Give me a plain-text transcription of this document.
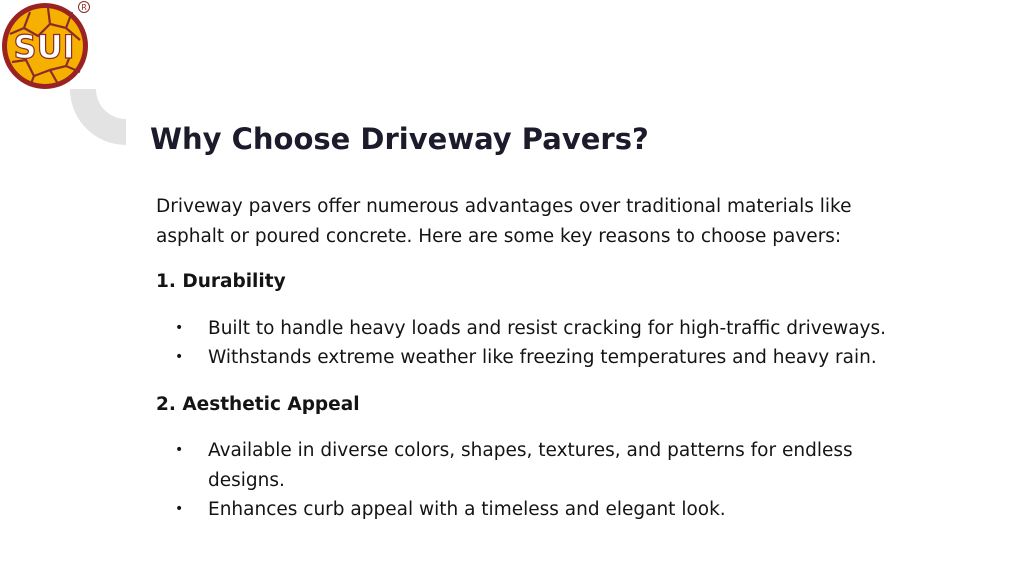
SUI
R
Why Choose Driveway Pavers?

Driveway pavers offer numerous advantages over traditional materials like asphalt or poured concrete. Here are some key reasons to choose pavers:

1. Durability
• Built to handle heavy loads and resist cracking for high-traffic driveways.
• Withstands extreme weather like freezing temperatures and heavy rain.
2. Aesthetic Appeal
• Available in diverse colors, shapes, textures, and patterns for endless designs.
• Enhances curb appeal with a timeless and elegant look.
